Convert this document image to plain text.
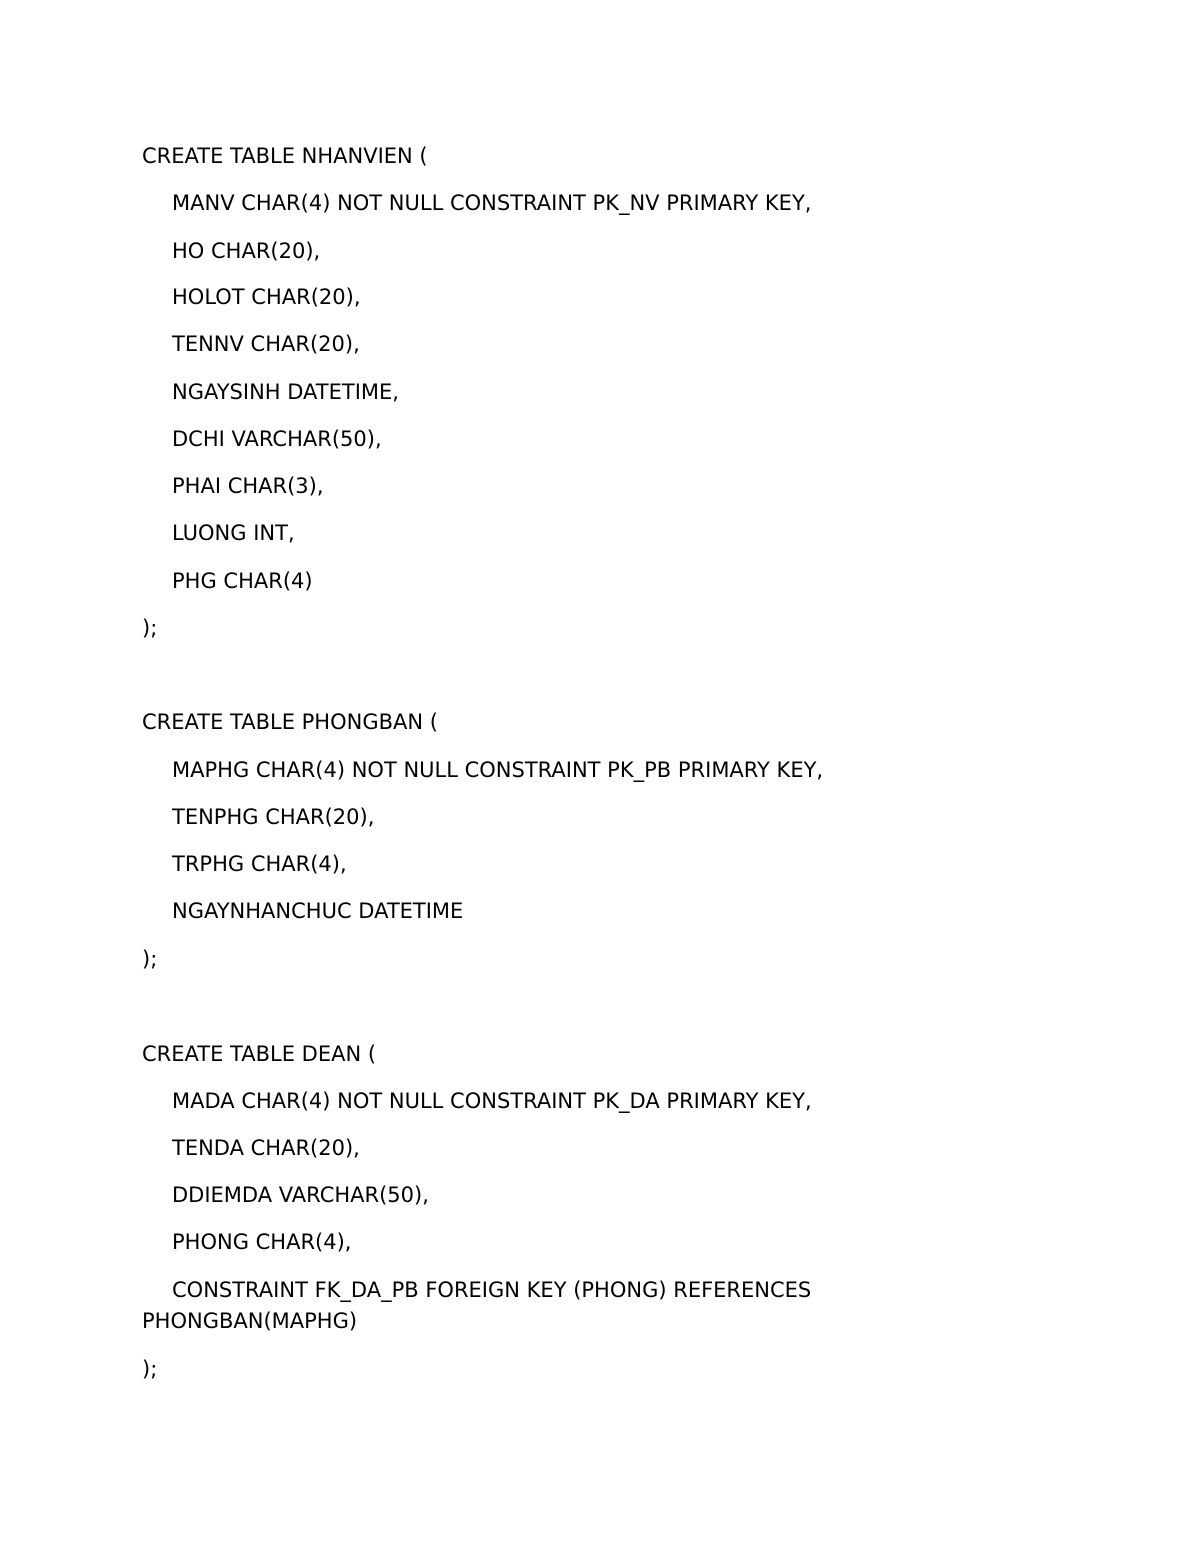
CREATE TABLE NHANVIEN (
MANV CHAR(4) NOT NULL CONSTRAINT PK_NV PRIMARY KEY,
HO CHAR(20),
HOLOT CHAR(20),
TENNV CHAR(20),
NGAYSINH DATETIME,
DCHI VARCHAR(50),
PHAI CHAR(3),
LUONG INT,
PHG CHAR(4)
);
CREATE TABLE PHONGBAN (
MAPHG CHAR(4) NOT NULL CONSTRAINT PK_PB PRIMARY KEY,
TENPHG CHAR(20),
TRPHG CHAR(4),
NGAYNHANCHUC DATETIME
);
CREATE TABLE DEAN (
MADA CHAR(4) NOT NULL CONSTRAINT PK_DA PRIMARY KEY,
TENDA CHAR(20),
DDIEMDA VARCHAR(50),
PHONG CHAR(4),
CONSTRAINT FK_DA_PB FOREIGN KEY (PHONG) REFERENCES
PHONGBAN(MAPHG)
);
